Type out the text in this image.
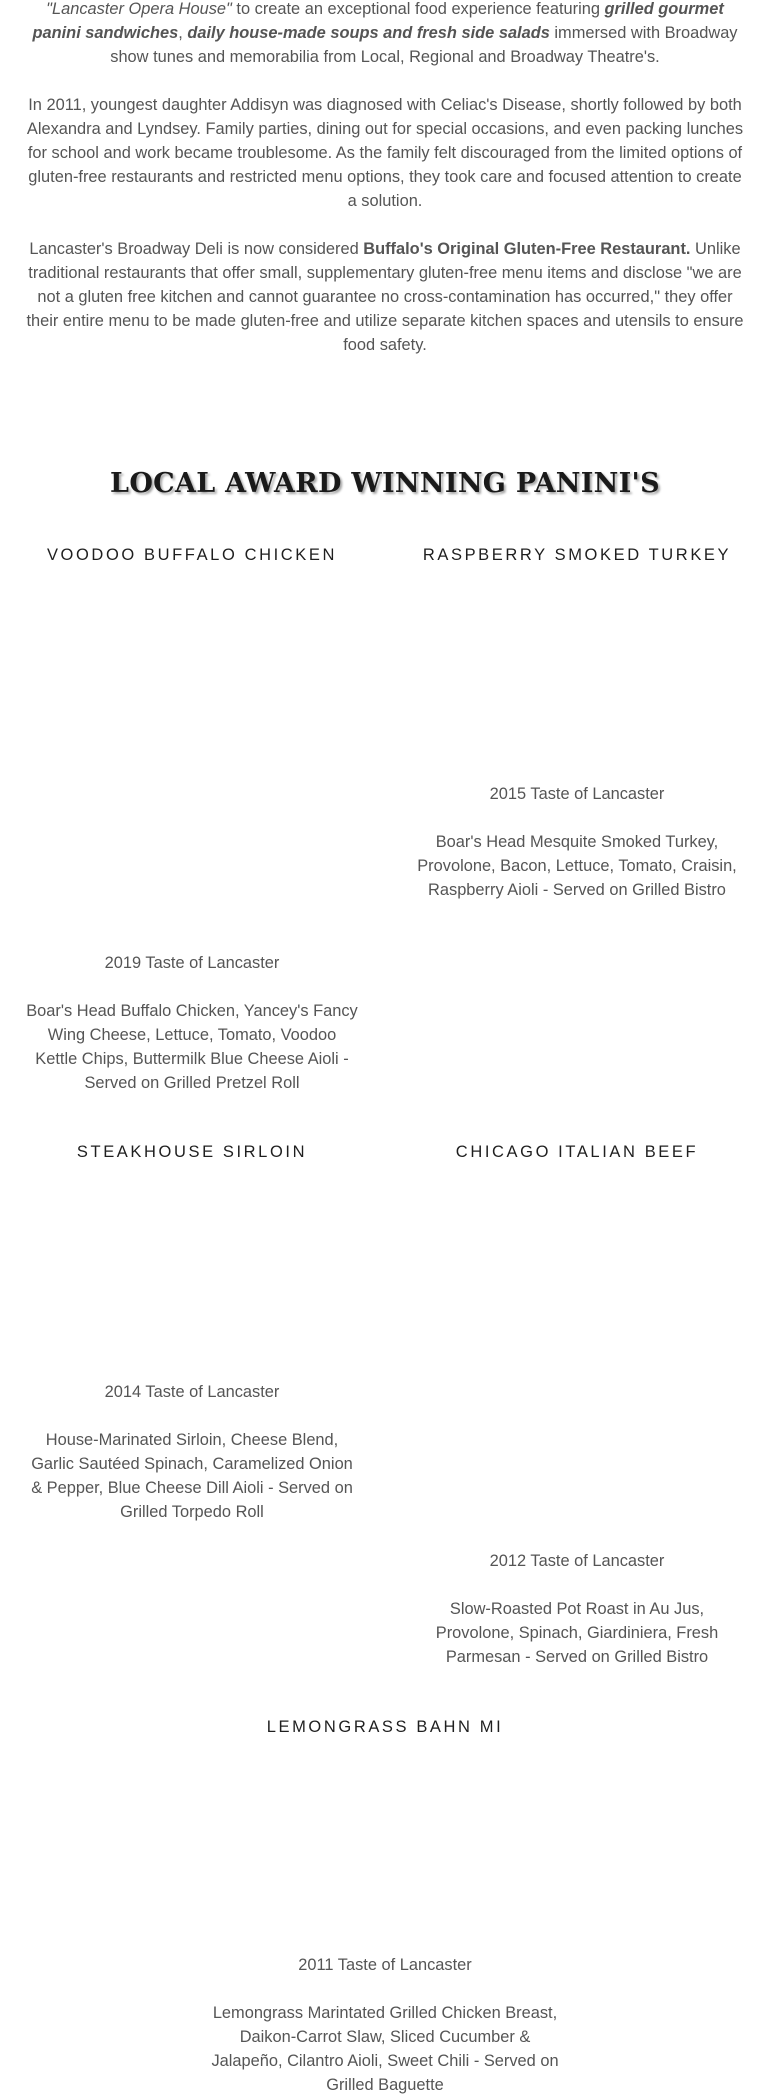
"Lancaster Opera House" to create an exceptional food experience featuring grilled gourmet panini sandwiches, daily house-made soups and fresh side salads immersed with Broadway show tunes and memorabilia from Local, Regional and Broadway Theatre's.

In 2011, youngest daughter Addisyn was diagnosed with Celiac's Disease, shortly followed by both Alexandra and Lyndsey. Family parties, dining out for special occasions, and even packing lunches for school and work became troublesome. As the family felt discouraged from the limited options of gluten-free restaurants and restricted menu options, they took care and focused attention to create a solution.

Lancaster's Broadway Deli is now considered Buffalo's Original Gluten-Free Restaurant. Unlike traditional restaurants that offer small, supplementary gluten-free menu items and disclose "we are not a gluten free kitchen and cannot guarantee no cross-contamination has occurred," they offer their entire menu to be made gluten-free and utilize separate kitchen spaces and utensils to ensure food safety.

LOCAL AWARD WINNING PANINI'S
VOODOO BUFFALO CHICKEN

2019 Taste of Lancaster

Boar's Head Buffalo Chicken, Yancey's Fancy Wing Cheese, Lettuce, Tomato, Voodoo Kettle Chips, Buttermilk Blue Cheese Aioli - Served on Grilled Pretzel Roll

RASPBERRY SMOKED TURKEY

2015 Taste of Lancaster

Boar's Head Mesquite Smoked Turkey, Provolone, Bacon, Lettuce, Tomato, Craisin, Raspberry Aioli - Served on Grilled Bistro

STEAKHOUSE SIRLOIN

2014 Taste of Lancaster

House-Marinated Sirloin, Cheese Blend, Garlic Sautéed Spinach, Caramelized Onion & Pepper, Blue Cheese Dill Aioli - Served on Grilled Torpedo Roll

CHICAGO ITALIAN BEEF

2012 Taste of Lancaster

Slow-Roasted Pot Roast in Au Jus, Provolone, Spinach, Giardiniera, Fresh Parmesan - Served on Grilled Bistro

LEMONGRASS BAHN MI

2011 Taste of Lancaster

Lemongrass Marintated Grilled Chicken Breast, Daikon-Carrot Slaw, Sliced Cucumber & Jalapeño, Cilantro Aioli, Sweet Chili - Served on Grilled Baguette
